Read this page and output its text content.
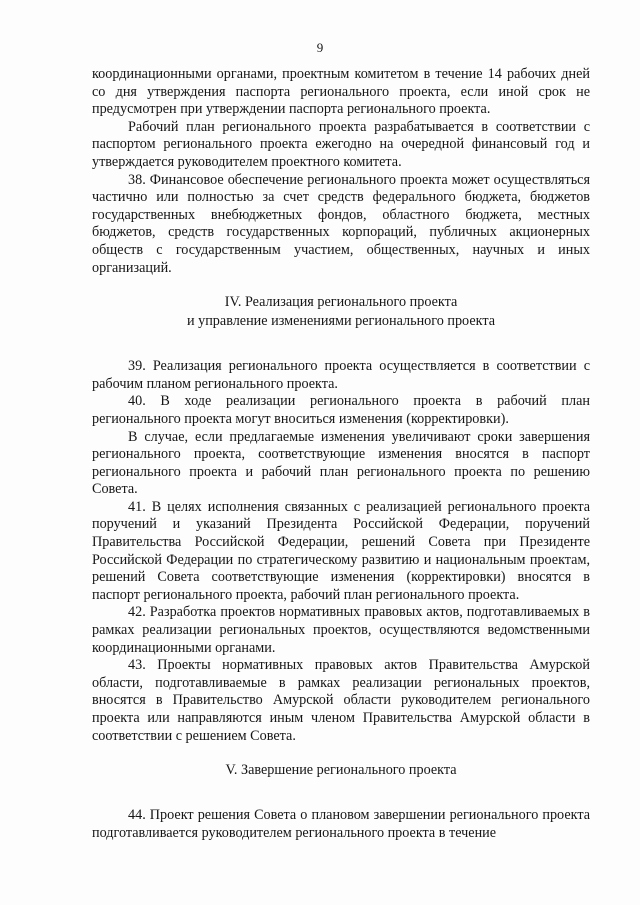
9

координационными органами, проектным комитетом в течение 14 рабочих дней со дня утверждения паспорта регионального проекта, если иной срок не предусмотрен при утверждении паспорта регионального проекта.

Рабочий план регионального проекта разрабатывается в соответствии с паспортом регионального проекта ежегодно на очередной финансовый год и утверждается руководителем проектного комитета.

38. Финансовое обеспечение регионального проекта может осуществляться частично или полностью за счет средств федерального бюджета, бюджетов государственных внебюджетных фондов, областного бюджета, местных бюджетов, средств государственных корпораций, публичных акционерных обществ с государственным участием, общественных, научных и иных организаций.

IV. Реализация регионального проекта
и управление изменениями регионального проекта

39. Реализация регионального проекта осуществляется в соответствии с рабочим планом регионального проекта.

40. В ходе реализации регионального проекта в рабочий план регионального проекта могут вноситься изменения (корректировки).

В случае, если предлагаемые изменения увеличивают сроки завершения регионального проекта, соответствующие изменения вносятся в паспорт регионального проекта и рабочий план регионального проекта по решению Совета.

41. В целях исполнения связанных с реализацией регионального проекта поручений и указаний Президента Российской Федерации, поручений Правительства Российской Федерации, решений Совета при Президенте Российской Федерации по стратегическому развитию и национальным проектам, решений Совета соответствующие изменения (корректировки) вносятся в паспорт регионального проекта, рабочий план регионального проекта.

42. Разработка проектов нормативных правовых актов, подготавливаемых в рамках реализации региональных проектов, осуществляются ведомственными координационными органами.

43. Проекты нормативных правовых актов Правительства Амурской области, подготавливаемые в рамках реализации региональных проектов, вносятся в Правительство Амурской области руководителем регионального проекта или направляются иным членом Правительства Амурской области в соответствии с решением Совета.

V. Завершение регионального проекта

44. Проект решения Совета о плановом завершении регионального проекта подготавливается руководителем регионального проекта в течение
